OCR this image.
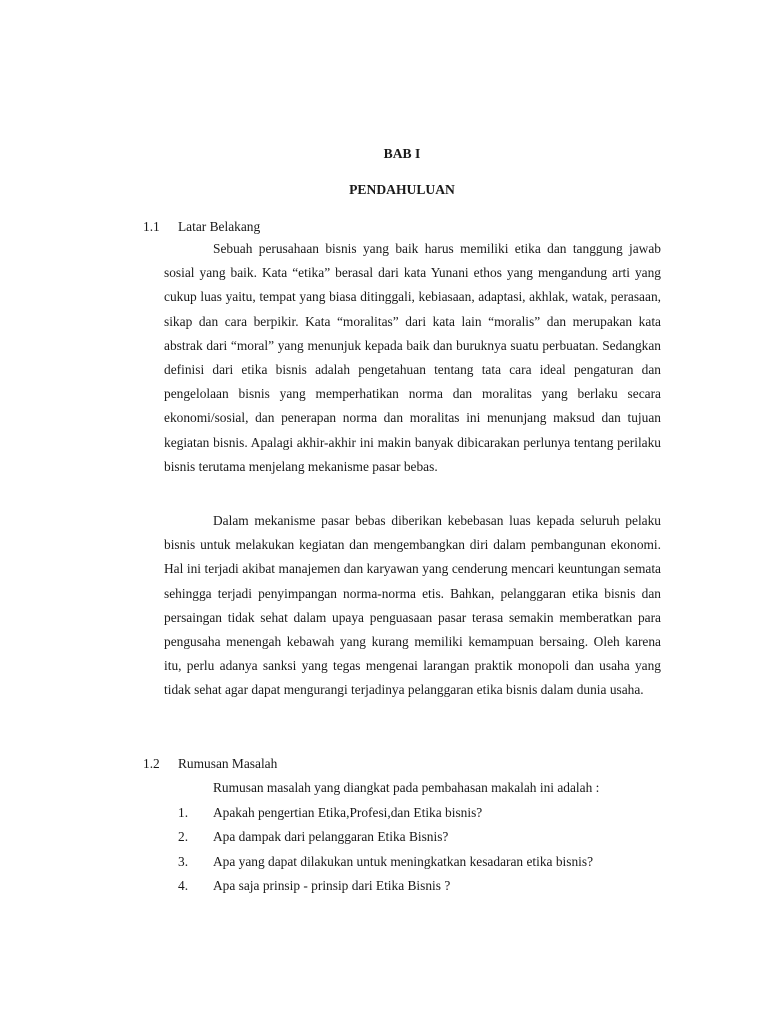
BAB I
PENDAHULUAN
1.1 Latar Belakang

Sebuah perusahaan bisnis yang baik harus memiliki etika dan tanggung jawab sosial yang baik. Kata “etika” berasal dari kata Yunani ethos yang mengandung arti yang cukup luas yaitu, tempat yang biasa ditinggali, kebiasaan, adaptasi, akhlak, watak, perasaan, sikap dan cara berpikir. Kata “moralitas” dari kata lain “moralis” dan merupakan kata abstrak dari “moral” yang menunjuk kepada baik dan buruknya suatu perbuatan. Sedangkan definisi dari etika bisnis adalah pengetahuan tentang tata cara ideal pengaturan dan pengelolaan bisnis yang memperhatikan norma dan moralitas yang berlaku secara ekonomi/sosial, dan penerapan norma dan moralitas ini menunjang maksud dan tujuan kegiatan bisnis. Apalagi akhir-akhir ini makin banyak dibicarakan perlunya tentang perilaku bisnis terutama menjelang mekanisme pasar bebas.

Dalam mekanisme pasar bebas diberikan kebebasan luas kepada seluruh pelaku bisnis untuk melakukan kegiatan dan mengembangkan diri dalam pembangunan ekonomi. Hal ini terjadi akibat manajemen dan karyawan yang cenderung mencari keuntungan semata sehingga terjadi penyimpangan norma-norma etis. Bahkan, pelanggaran etika bisnis dan persaingan tidak sehat dalam upaya penguasaan pasar terasa semakin memberatkan para pengusaha menengah kebawah yang kurang memiliki kemampuan bersaing. Oleh karena itu, perlu adanya sanksi yang tegas mengenai larangan praktik monopoli dan usaha yang tidak sehat agar dapat mengurangi terjadinya pelanggaran etika bisnis dalam dunia usaha.

1.2 Rumusan Masalah
Rumusan masalah yang diangkat pada pembahasan makalah ini adalah :
1. Apakah pengertian Etika,Profesi,dan Etika bisnis?
2. Apa dampak dari pelanggaran Etika Bisnis?
3. Apa yang dapat dilakukan untuk meningkatkan kesadaran etika bisnis?
4. Apa saja prinsip - prinsip dari Etika Bisnis ?
